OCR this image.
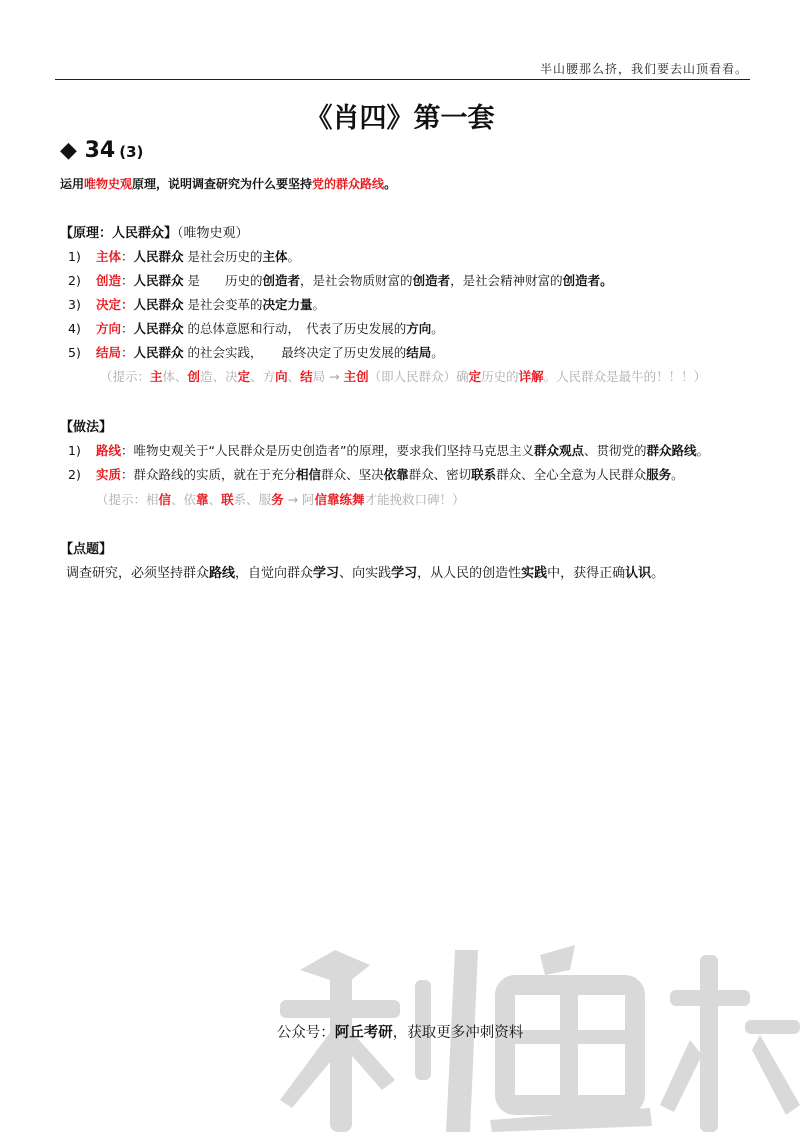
半山腰那么挤，我们要去山顶看看。
《肖四》第一套
◆ 34 (3)
运用唯物史观原理，说明调查研究为什么要坚持党的群众路线。
【原理：人民群众】（唯物史观）
1) 主体：人民群众 是社会历史的主体。
2) 创造：人民群众 是　　历史的创造者，是社会物质财富的创造者，是社会精神财富的创造者。
3) 决定：人民群众 是社会变革的决定力量。
4) 方向：人民群众 的总体意愿和行动，　代表了历史发展的方向。
5) 结局：人民群众 的社会实践，　　最终决定了历史发展的结局。
（提示：主体、创造、决定、方向、结局 → 主创（即人民群众）确定历史的详解。人民群众是最牛的！！！）
【做法】
1) 路线：唯物史观关于“人民群众是历史创造者”的原理，要求我们坚持马克思主义群众观点、贯彻党的群众路线。
2) 实质：群众路线的实质，就在于充分相信群众、坚决依靠群众、密切联系群众、全心全意为人民群众服务。
（提示：相信、依靠、联系、服务 → 阿信靠练舞才能挽救口碑！）
【点题】
调查研究，必须坚持群众路线，自觉向群众学习、向实践学习，从人民的创造性实践中，获得正确认识。
公众号：阿丘考研，获取更多冲刺资料
